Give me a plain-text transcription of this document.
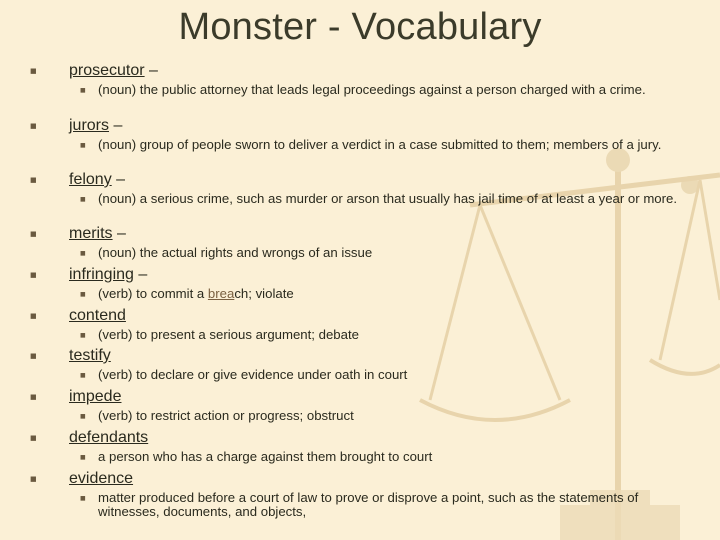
Monster - Vocabulary
■	prosecutor –
■ (noun) the public attorney that leads legal proceedings against a person charged with a crime.
■	jurors –
■ (noun) group of people sworn to deliver a verdict in a case submitted to them; members of a jury.
■	felony –
■ (noun) a serious crime, such as murder or arson that usually has jail time of at least a year or more.
■	merits –
■ (noun) the actual rights and wrongs of an issue
■	infringing –
■ (verb) to commit a breach; violate
■	contend
■ (verb) to present a serious argument; debate
■	testify
■ (verb) to declare or give evidence under oath in court
■	impede
■ (verb) to restrict action or progress; obstruct
■	defendants
■ a person who has a charge against them brought to court
■	evidence
■ matter produced before a court of law to prove or disprove a point, such as the statements of witnesses, documents, and objects,
